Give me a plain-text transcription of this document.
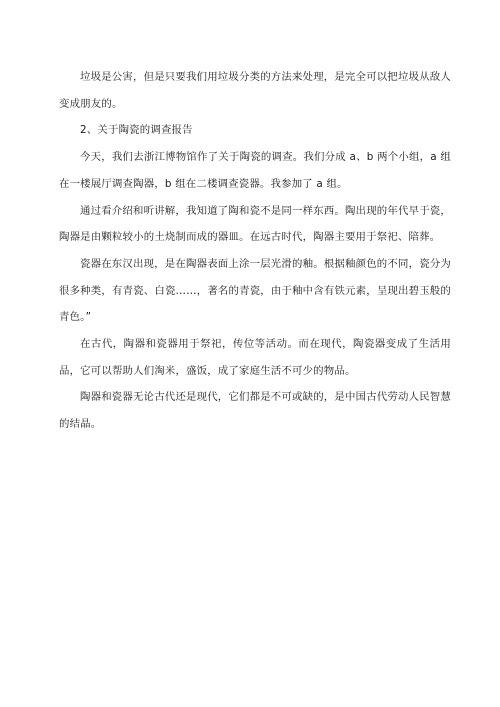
垃圾是公害，但是只要我们用垃圾分类的方法来处理，是完全可以把垃圾从敌人变成朋友的。

2、关于陶瓷的调查报告

今天，我们去浙江博物馆作了关于陶瓷的调查。我们分成 a、b 两个小组，a 组在一楼展厅调查陶器，b 组在二楼调查瓷器。我参加了 a 组。

通过看介绍和听讲解，我知道了陶和瓷不是同一样东西。陶出现的年代早于瓷，陶器是由颗粒较小的土烧制而成的器皿。在远古时代，陶器主要用于祭祀、陪葬。

瓷器在东汉出现，是在陶器表面上涂一层光滑的釉。根据釉颜色的不同，瓷分为很多种类，有青瓷、白瓷……，著名的青瓷，由于釉中含有铁元素，呈现出碧玉般的青色。”

在古代，陶器和瓷器用于祭祀，传位等活动。而在现代，陶瓷器变成了生活用品，它可以帮助人们淘米，盛饭，成了家庭生活不可少的物品。

陶器和瓷器无论古代还是现代，它们都是不可或缺的，是中国古代劳动人民智慧的结晶。
